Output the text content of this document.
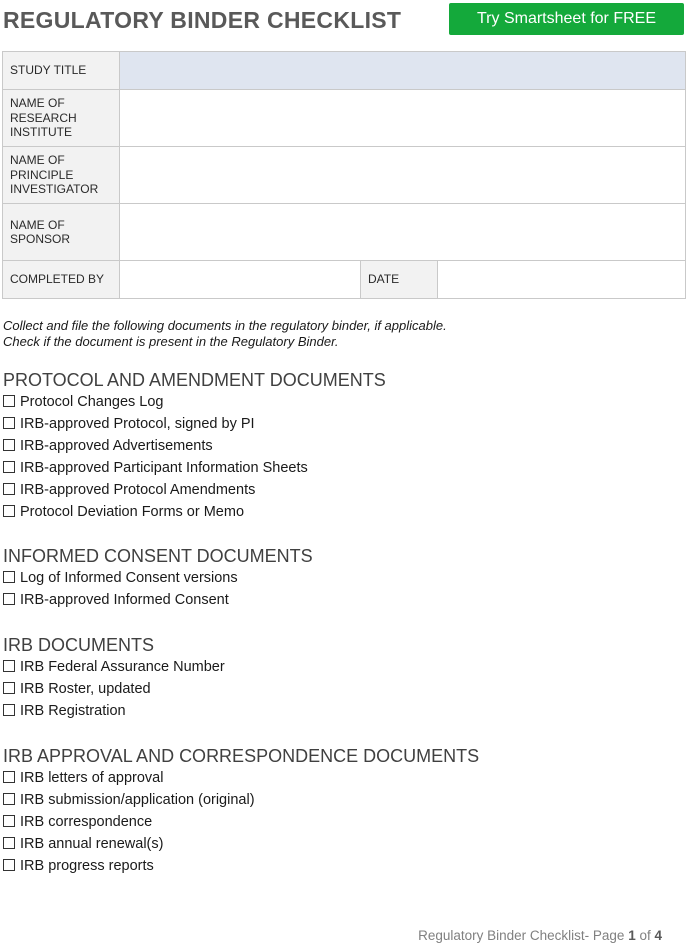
REGULATORY BINDER CHECKLIST	Try Smartsheet for FREE
STUDY TITLE			
NAME OF RESEARCH INSTITUTE			
NAME OF PRINCIPLE INVESTIGATOR			
NAME OF SPONSOR			
COMPLETED BY		DATE	
Collect and file the following documents in the regulatory binder, if applicable.
Check if the document is present in the Regulatory Binder.
PROTOCOL AND AMENDMENT DOCUMENTS
Protocol Changes Log
IRB-approved Protocol, signed by PI
IRB-approved Advertisements
IRB-approved Participant Information Sheets
IRB-approved Protocol Amendments
Protocol Deviation Forms or Memo
INFORMED CONSENT DOCUMENTS
Log of Informed Consent versions
IRB-approved Informed Consent
IRB DOCUMENTS
IRB Federal Assurance Number
IRB Roster, updated
IRB Registration
IRB APPROVAL AND CORRESPONDENCE DOCUMENTS
IRB letters of approval
IRB submission/application (original)
IRB correspondence
IRB annual renewal(s)
IRB progress reports
Regulatory Binder Checklist- Page 1 of 4
